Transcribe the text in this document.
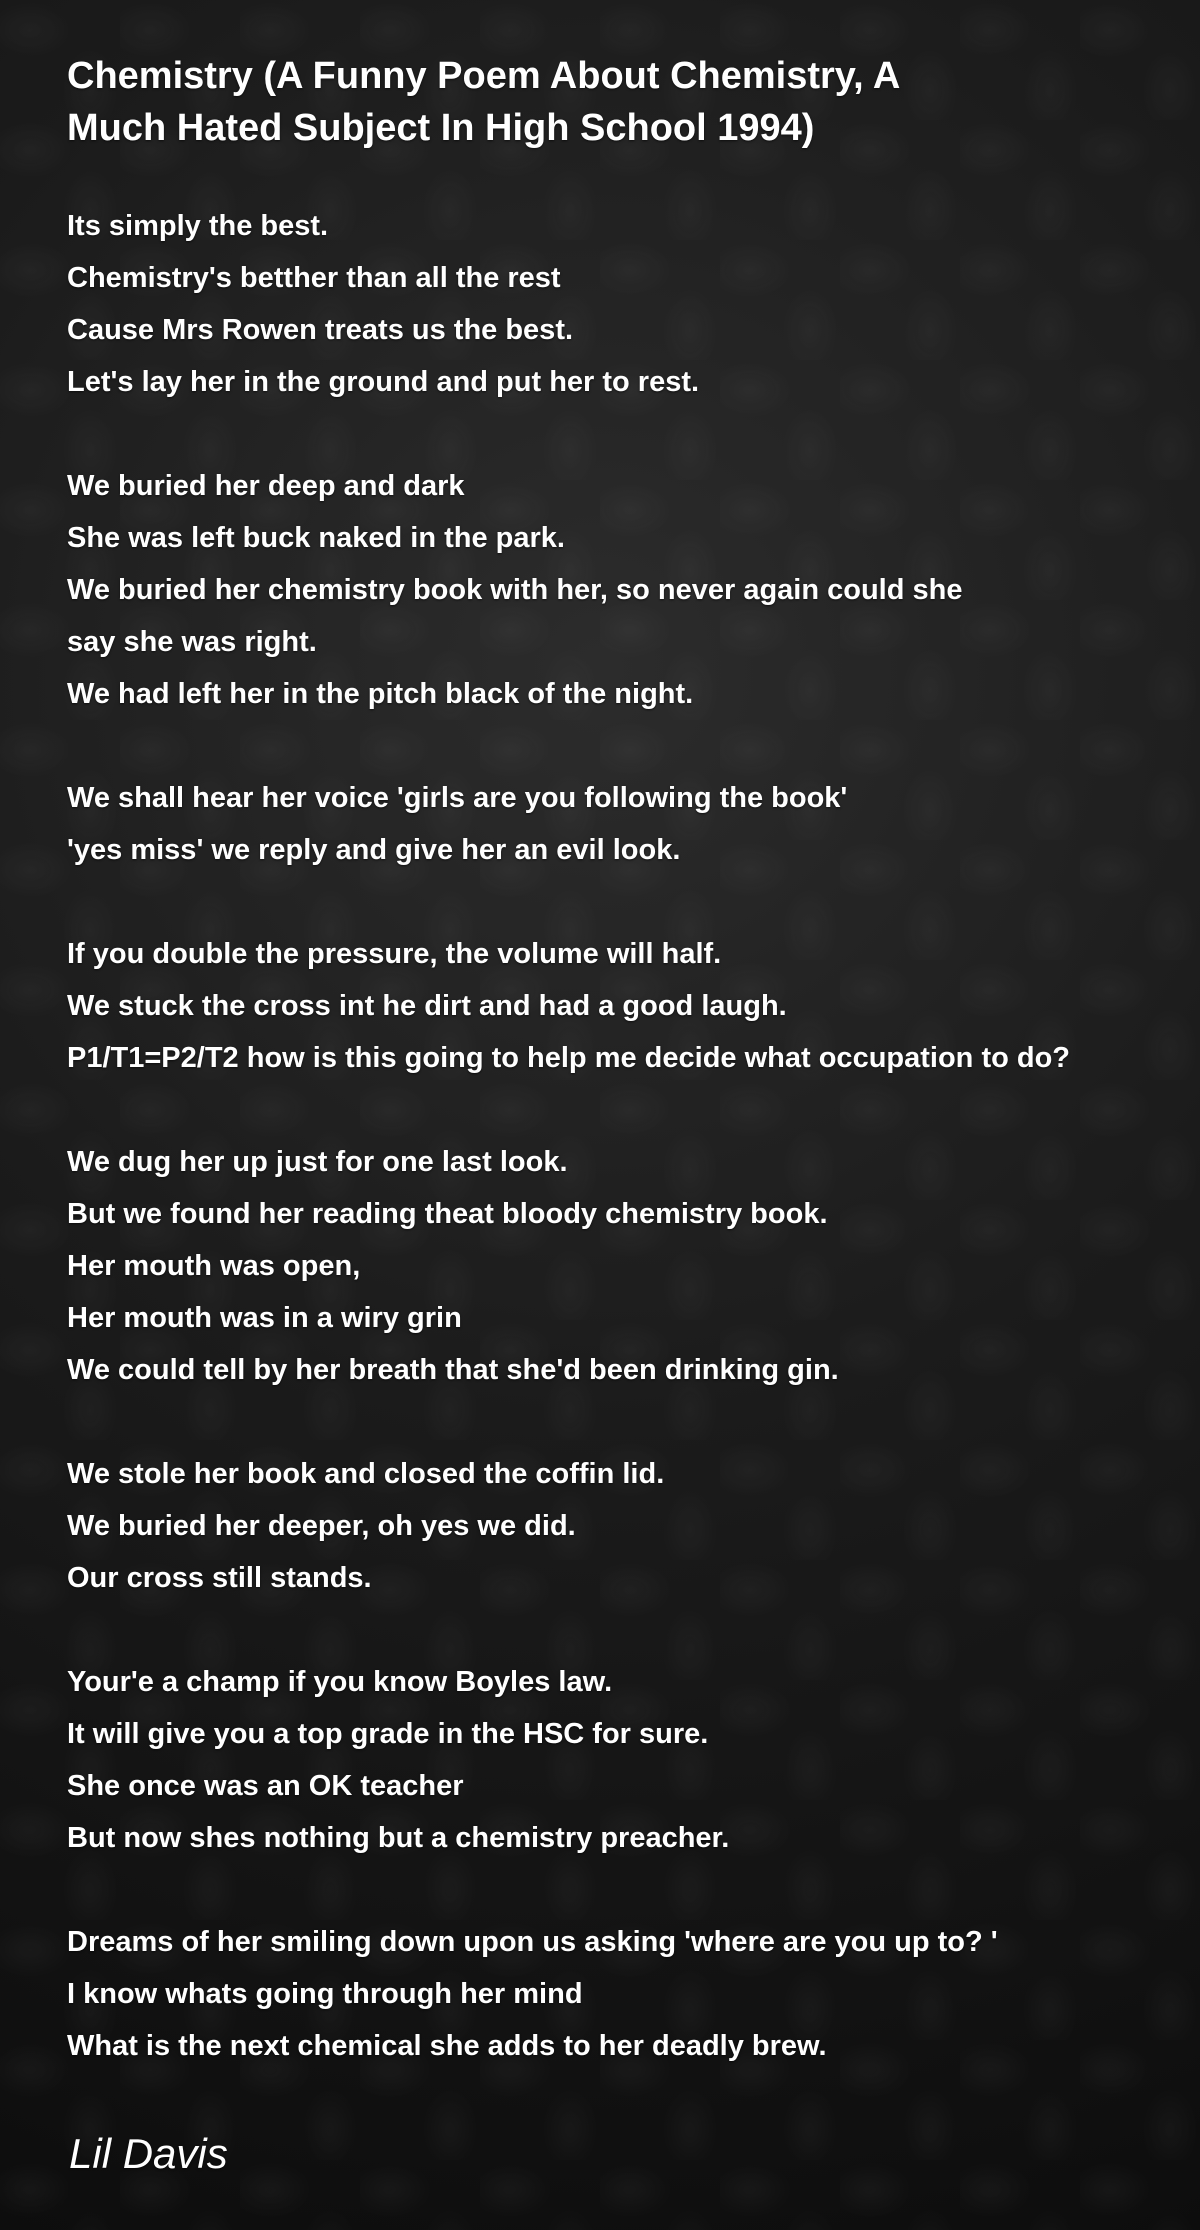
Chemistry (A Funny Poem About Chemistry, A
Much Hated Subject In High School 1994)
Its simply the best.
Chemistry's betther than all the rest
Cause Mrs Rowen treats us the best.
Let's lay her in the ground and put her to rest.
We buried her deep and dark
She was left buck naked in the park.
We buried her chemistry book with her, so never again could she
say she was right.
We had left her in the pitch black of the night.
We shall hear her voice 'girls are you following the book'
'yes miss' we reply and give her an evil look.
If you double the pressure, the volume will half.
We stuck the cross int he dirt and had a good laugh.
P1/T1=P2/T2 how is this going to help me decide what occupation to do?
We dug her up just for one last look.
But we found her reading theat bloody chemistry book.
Her mouth was open,
Her mouth was in a wiry grin
We could tell by her breath that she'd been drinking gin.
We stole her book and closed the coffin lid.
We buried her deeper, oh yes we did.
Our cross still stands.
Your'e a champ if you know Boyles law.
It will give you a top grade in the HSC for sure.
She once was an OK teacher
But now shes nothing but a chemistry preacher.
Dreams of her smiling down upon us asking 'where are you up to? '
I know whats going through her mind
What is the next chemical she adds to her deadly brew.
Lil Davis
